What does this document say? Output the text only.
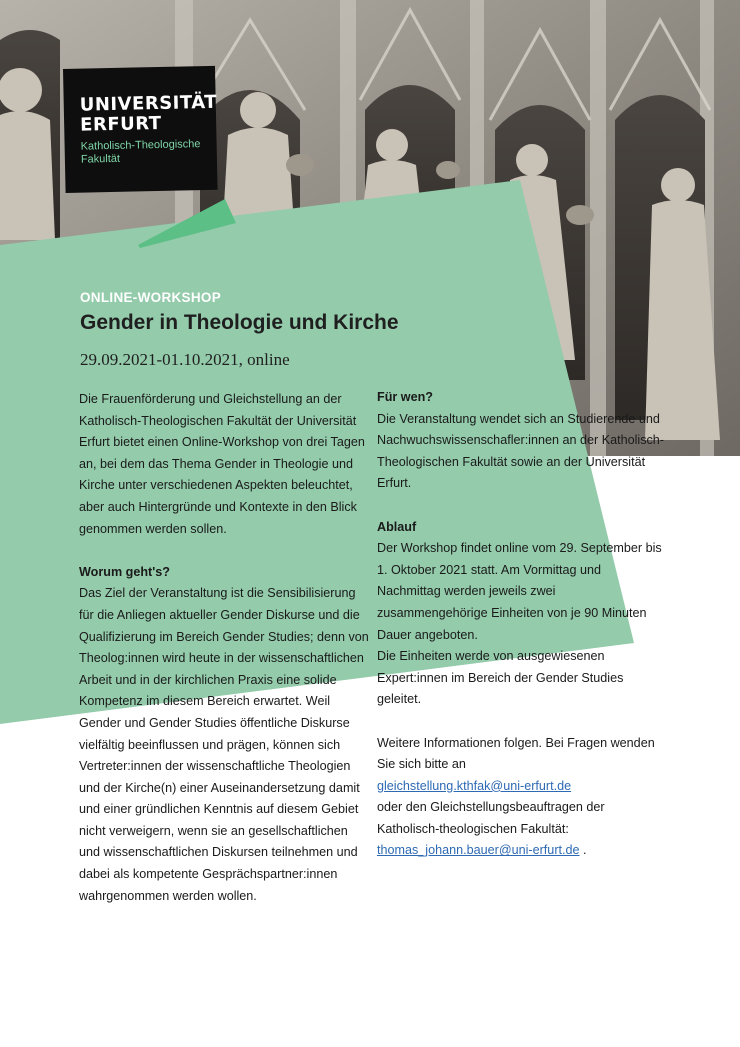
UNIVERSITÄT
ERFURT
Katholisch-Theologische Fakultät
ONLINE-WORKSHOP
Gender in Theologie und Kirche
29.09.2021-01.10.2021, online
Die Frauenförderung und Gleichstellung an der Katholisch-Theologischen Fakultät der Universität Erfurt bietet einen Online-Workshop von drei Tagen an, bei dem das Thema Gender in Theologie und Kirche unter verschiedenen Aspekten beleuchtet, aber auch Hintergründe und Kontexte in den Blick genommen werden sollen.
Worum geht's?
Das Ziel der Veranstaltung ist die Sensibilisierung für die Anliegen aktueller Gender Diskurse und die Qualifizierung im Bereich Gender Studies; denn von Theolog:innen wird heute in der wissenschaftlichen Arbeit und in der kirchlichen Praxis eine solide Kompetenz im diesem Bereich erwartet. Weil Gender und Gender Studies öffentliche Diskurse vielfältig beeinflussen und prägen, können sich Vertreter:innen der wissenschaftliche Theologien und der Kirche(n) einer Auseinandersetzung damit und einer gründlichen Kenntnis auf diesem Gebiet nicht verweigern, wenn sie an gesellschaftlichen und wissenschaftlichen Diskursen teilnehmen und dabei als kompetente Gesprächspartner:innen wahrgenommen werden wollen.
Für wen?
Die Veranstaltung wendet sich an Studierende und Nachwuchswissenschafler:innen an der Katholisch-Theologischen Fakultät sowie an der Universität Erfurt.
Ablauf
Der Workshop findet online vom 29. September bis 1. Oktober 2021 statt. Am Vormittag und Nachmittag werden jeweils zwei zusammengehörige Einheiten von je 90 Minuten Dauer angeboten.
Die Einheiten werde von ausgewiesenen Expert:innen im Bereich der Gender Studies geleitet.
Weitere Informationen folgen. Bei Fragen wenden Sie sich bitte an
gleichstellung.kthfak@uni-erfurt.de
oder den Gleichstellungsbeauftragen der Katholisch-theologischen Fakultät:
thomas_johann.bauer@uni-erfurt.de .
